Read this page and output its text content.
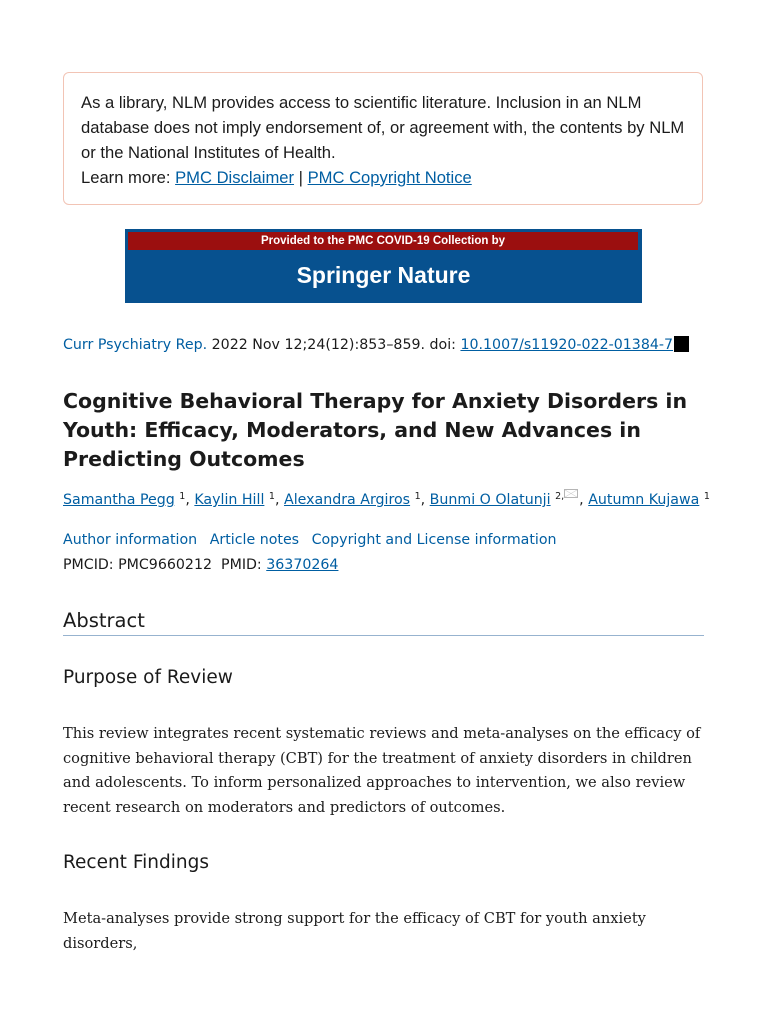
As a library, NLM provides access to scientific literature. Inclusion in an NLM database does not imply endorsement of, or agreement with, the contents by NLM or the National Institutes of Health.
Learn more: PMC Disclaimer | PMC Copyright Notice
Provided to the PMC COVID-19 Collection by
Springer Nature
Curr Psychiatry Rep. 2022 Nov 12;24(12):853–859. doi: 10.1007/s11920-022-01384-7
Cognitive Behavioral Therapy for Anxiety Disorders in Youth: Efficacy, Moderators, and New Advances in Predicting Outcomes
Samantha Pegg $^1$, Kaylin Hill $^1$, Alexandra Argiros $^1$, Bunmi O Olatunji $^{2,}$ , Autumn Kujawa $^1$
Author information Article notes Copyright and License information
PMCID: PMC9660212 PMID: 36370264
Abstract
Purpose of Review

This review integrates recent systematic reviews and meta-analyses on the efficacy of cognitive behavioral therapy (CBT) for the treatment of anxiety disorders in children and adolescents. To inform personalized approaches to intervention, we also review recent research on moderators and predictors of outcomes.

Recent Findings

Meta-analyses provide strong support for the efficacy of CBT for youth anxiety disorders,
